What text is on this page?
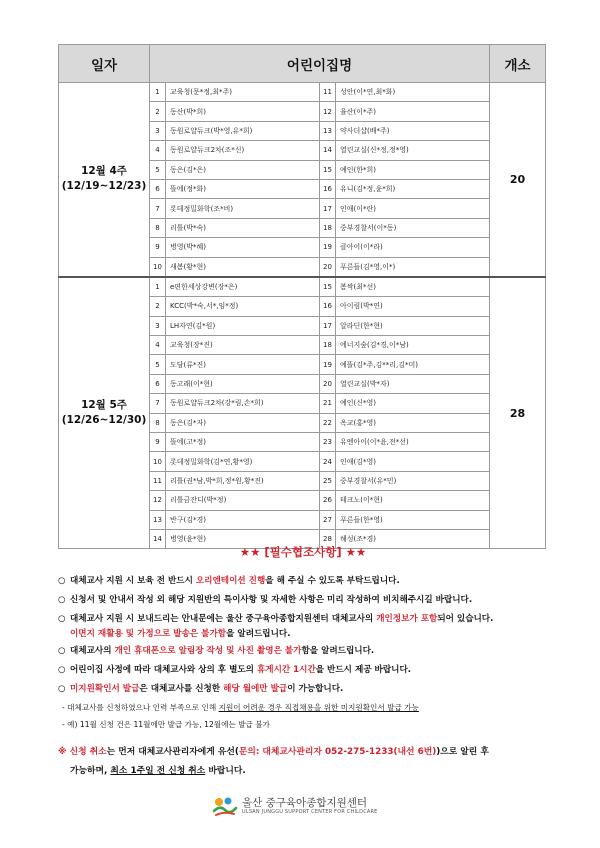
일자	어린이집명				개소

12월 4주
(12/19~12/23)	1	교육청(문*정,최*주)	11	성안(이*연,최*화)	20
	2	동산(박*희)	12	율산(이*주)	
	3	동원로얄듀크(박*영,유*희)	13	약사더샵(배*주)	
	4	동원로얄듀크2차(조*신)	14	열린교실(신*정,정*영)	
	5	동은(김*은)	15	예인(한*희)	
	6	뜰에(정*화)	16	유니(김*정,윤*희)	
	7	롯데정밀화학(조*비)	17	인애(이*란)	
	8	리틀(박*숙)	18	중부경찰서(이*동)	
	9	병영(박*혜)	19	클아이(이*라)	
	10	새봄(황*현)	20	푸른들(김*영,이*)	

12월 5주
(12/26~12/30)	1	e편한세상강변(장*은)	15	봄싹(최*선)	28
	2	KCC(박*숙,서*,임*정)	16	아이림(박*연)	
	3	LH자연(김*원)	17	알라딘(한*현)	
	4	교육청(장*진)	18	에너지숲(김*경,이*남)	
	5	도담(류*진)	19	예뜰(김*주,김**리,김*미)	
	6	동고래(이*현)	20	열린교실(박*자)	
	7	동원로얄듀크2차(강*림,손*희)	21	예인(신*영)	
	8	동은(김*자)	22	옥교(홍*영)	
	9	뜰에(고*정)	23	유엔아이(이*윤,전*선)	
	10	롯데정밀화학(김*연,황*영)	24	인애(김*영)	
	11	리틀(권*남,박*희,정*원,황*진)	25	중부경찰서(유*민)	
	12	리틀금잔디(박*정)	26	테크노(이*현)	
	13	반구(김*경)	27	푸른들(한*영)	
	14	병영(윤*현)	28	해성(조*경)	
★★ [필수협조사항] ★★
○ 대체교사 지원 시 보육 전 반드시 오리엔테이션 진행을 해 주실 수 있도록 부탁드립니다.
○ 신청서 및 안내서 작성 외 해당 지원반의 특이사항 및 자세한 사항은 미리 작성하여 비치해주시길 바랍니다.
○ 대체교사 지원 시 보내드리는 안내문에는 울산 중구육아종합지원센터 대체교사의 개인정보가 포함되어 있습니다.
이면지 재활용 및 가정으로 발송은 불가함을 알려드립니다.
○ 대체교사의 개인 휴대폰으로 알림장 작성 및 사진 촬영은 불가함을 알려드립니다.
○ 어린이집 사정에 따라 대체교사와 상의 후 별도의 휴게시간 1시간을 반드시 제공 바랍니다.
○ 미지원확인서 발급은 대체교사를 신청한 해당 월에만 발급이 가능합니다.
- 대체교사를 신청하였으나 인력 부족으로 인해 지원이 어려운 경우 직접채용을 위한 미지원확인서 발급 가능
- 예) 11월 신청 건은 11월에만 발급 가능, 12월에는 발급 불가
※ 신청 취소는 먼저 대체교사관리자에게 유선(문의: 대체교사관리자 052-275-1233(내선 6번))으로 알린 후
가능하며, 최소 1주일 전 신청 취소 바랍니다.
울산 중구육아종합지원센터
ULSAN JUNGGU SUPPORT CENTER FOR CHILDCARE
